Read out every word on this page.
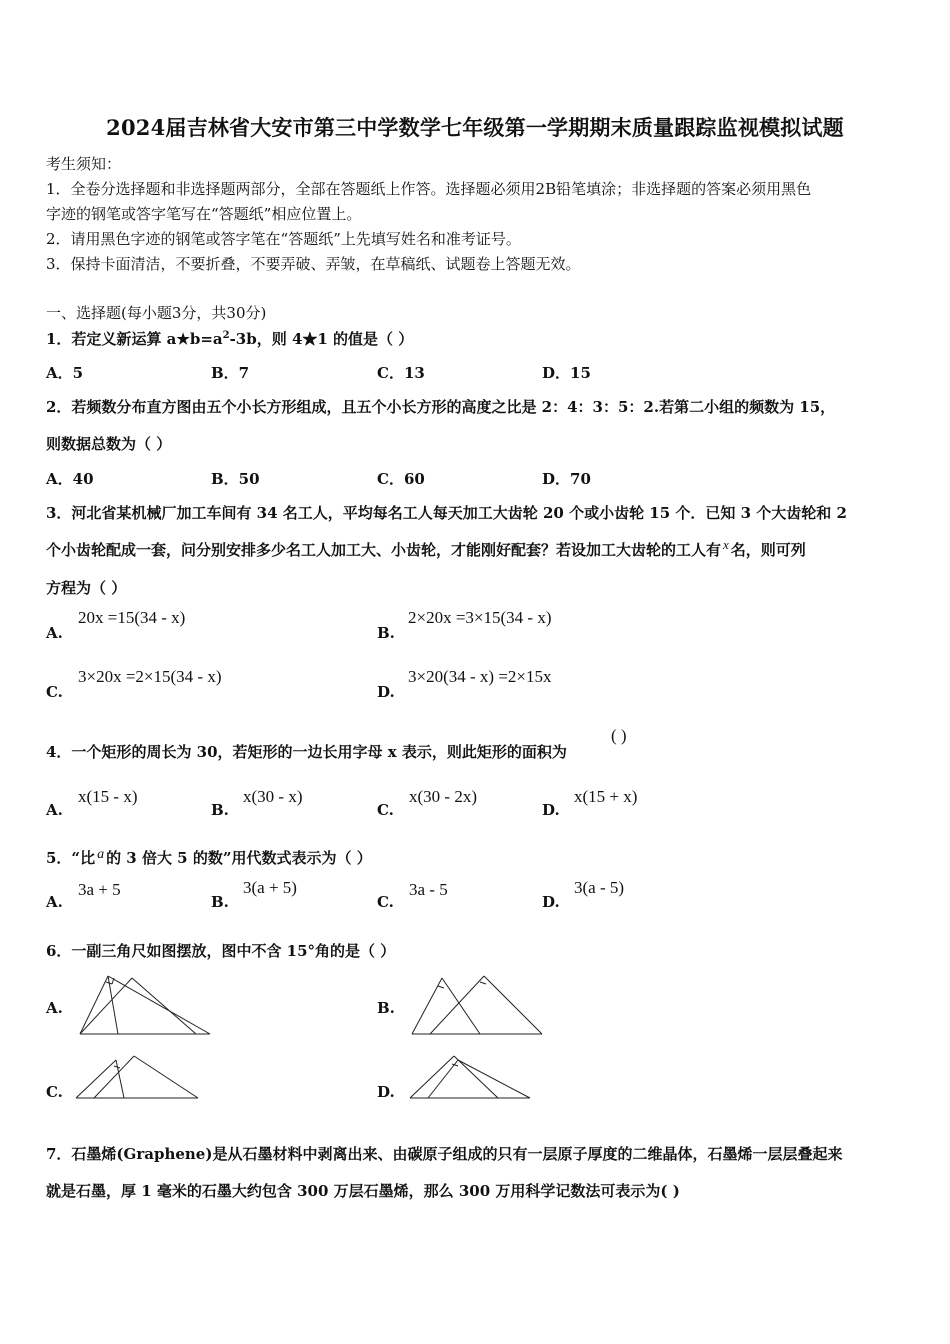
2024届吉林省大安市第三中学数学七年级第一学期期末质量跟踪监视模拟试题
考生须知：
1．全卷分选择题和非选择题两部分，全部在答题纸上作答。选择题必须用2B铅笔填涂；非选择题的答案必须用黑色
字迹的钢笔或答字笔写在“答题纸”相应位置上。
2．请用黑色字迹的钢笔或答字笔在“答题纸”上先填写姓名和准考证号。
3．保持卡面清洁，不要折叠，不要弄破、弄皱，在草稿纸、试题卷上答题无效。
一、选择题(每小题3分，共30分)
1．若定义新运算 $a★b=a^2-3b$，则 4★1 的值是（ ）
A．5	B．7	C．13	D．15
2．若频数分布直方图由五个小长方形组成，且五个小长方形的高度之比是 2：4：3：5：2.若第二小组的频数为 15，
则数据总数为（ ）
A．40	B．50	C．60	D．70
3．河北省某机械厂加工车间有 34 名工人，平均每名工人每天加工大齿轮 20 个或小齿轮 15 个．已知 3 个大齿轮和 2
个小齿轮配成一套，问分别安排多少名工人加工大、小齿轮，才能刚好配套？若设加工大齿轮的工人有 x 名，则可列
方程为（ ）
A.
20x =15(34 - x)
B.
2×20x =3×15(34 - x)
C.
3×20x =2×15(34 - x)
D.
3×20(34 - x) =2×15x
4．一个矩形的周长为 30，若矩形的一边长用字母 x 表示，则此矩形的面积为
( )
A.
x(15 - x)
B.
x(30 - x)
C.
x(30 - 2x)
D.
x(15 + x)
5．“比 a 的 3 倍大 5 的数”用代数式表示为（ ）
A.
3a + 5
B.
3(a + 5)
C.
3a - 5
D.
3(a - 5)
6．一副三角尺如图摆放，图中不含 15°角的是（ ）
A.	B.
C.	D.
7．石墨烯(Graphene)是从石墨材料中剥离出来、由碳原子组成的只有一层原子厚度的二维晶体，石墨烯一层层叠起来
就是石墨，厚 1 毫米的石墨大约包含 300 万层石墨烯，那么 300 万用科学记数法可表示为( )
